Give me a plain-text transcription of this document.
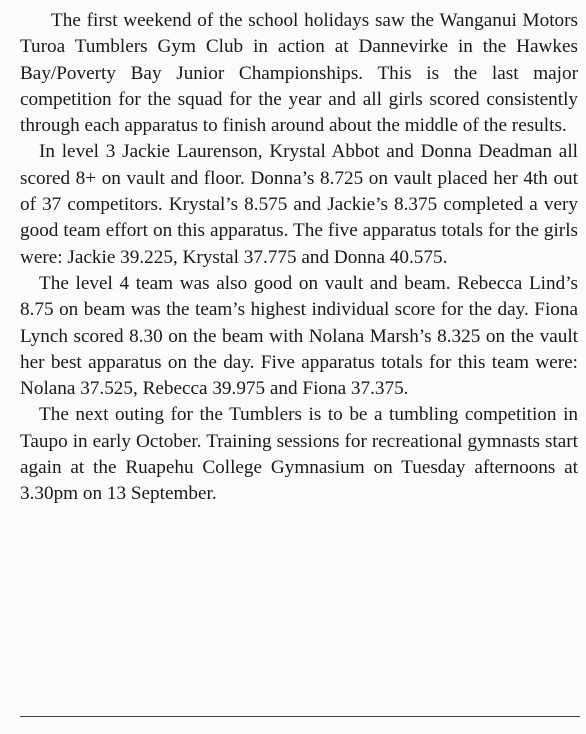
The first weekend of the school holidays saw the Wanganui Motors Turoa Tumblers Gym Club in action at Dannevirke in the Hawkes Bay/Poverty Bay Junior Championships. This is the last major competition for the squad for the year and all girls scored consistently through each apparatus to finish around about the middle of the results.

In level 3 Jackie Laurenson, Krystal Abbot and Donna Deadman all scored 8+ on vault and floor. Donna’s 8.725 on vault placed her 4th out of 37 competitors. Krystal’s 8.575 and Jackie’s 8.375 completed a very good team effort on this apparatus. The five apparatus totals for the girls were: Jackie 39.225, Krystal 37.775 and Donna 40.575.

The level 4 team was also good on vault and beam. Rebecca Lind’s 8.75 on beam was the team’s highest individual score for the day. Fiona Lynch scored 8.30 on the beam with Nolana Marsh’s 8.325 on the vault her best apparatus on the day. Five apparatus totals for this team were: Nolana 37.525, Rebecca 39.975 and Fiona 37.375.

The next outing for the Tumblers is to be a tumbling competition in Taupo in early October. Training sessions for recreational gymnasts start again at the Ruapehu College Gymnasium on Tuesday afternoons at 3.30pm on 13 September.
